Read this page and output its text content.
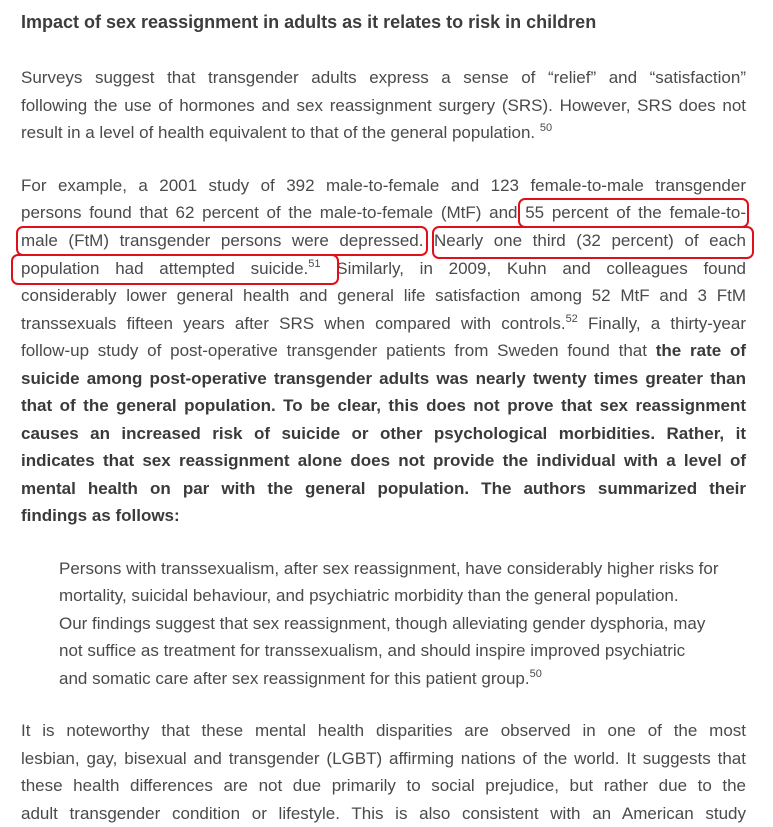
Impact of sex reassignment in adults as it relates to risk in children
Surveys suggest that transgender adults express a sense of “relief” and “satisfaction”
following the use of hormones and sex reassignment surgery (SRS). However, SRS does not
result in a level of health equivalent to that of the general population. $^{50}$
For example, a 2001 study of 392 male-to-female and 123 female-to-male transgender
persons found that 62 percent of the male-to-female (MtF) and 55 percent of the female-to-
male (FtM) transgender persons were depressed. Nearly one third (32 percent) of each
population had attempted suicide.$^{51}$ Similarly, in 2009, Kuhn and colleagues found
considerably lower general health and general life satisfaction among 52 MtF and 3 FtM
transsexuals fifteen years after SRS when compared with controls.$^{52}$ Finally, a thirty-year
follow-up study of post-operative transgender patients from Sweden found that the rate of
suicide among post-operative transgender adults was nearly twenty times greater than
that of the general population. To be clear, this does not prove that sex reassignment
causes an increased risk of suicide or other psychological morbidities. Rather, it
indicates that sex reassignment alone does not provide the individual with a level of
mental health on par with the general population. The authors summarized their
findings as follows:
Persons with transsexualism, after sex reassignment, have considerably higher risks for
mortality, suicidal behaviour, and psychiatric morbidity than the general population.
Our findings suggest that sex reassignment, though alleviating gender dysphoria, may
not suffice as treatment for transsexualism, and should inspire improved psychiatric
and somatic care after sex reassignment for this patient group.$^{50}$
It is noteworthy that these mental health disparities are observed in one of the most
lesbian, gay, bisexual and transgender (LGBT) affirming nations of the world. It suggests that
these health differences are not due primarily to social prejudice, but rather due to the
adult transgender condition or lifestyle. This is also consistent with an American study
